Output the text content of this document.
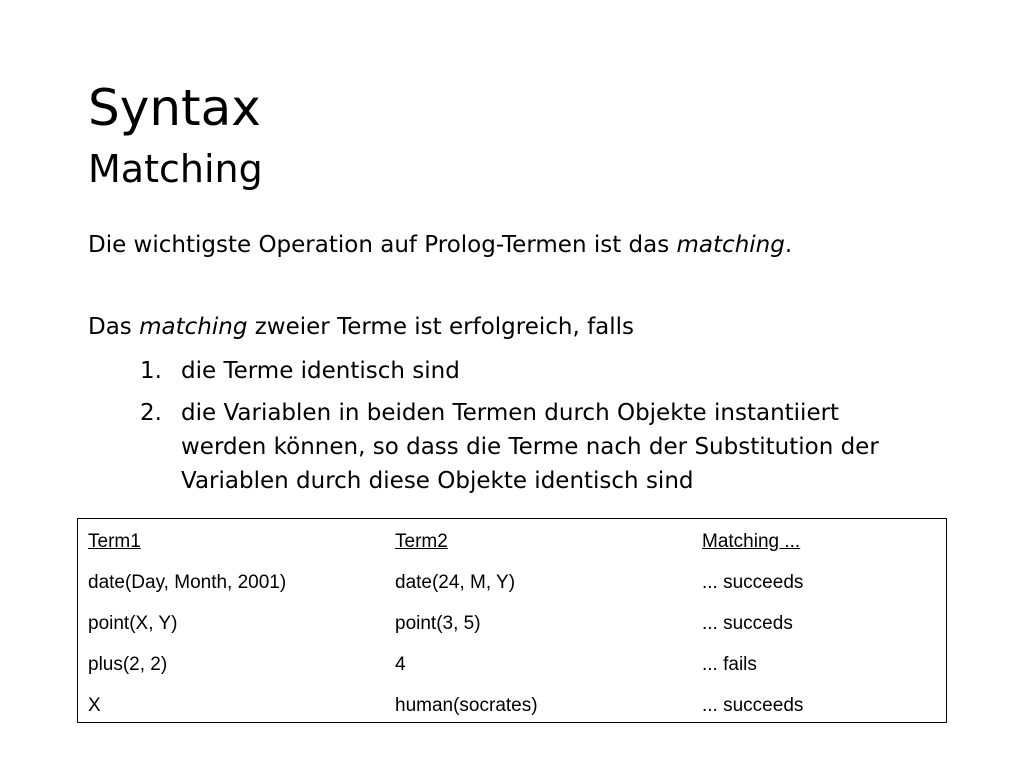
Syntax
Matching

Die wichtigste Operation auf Prolog-Termen ist das matching.

Das matching zweier Terme ist erfolgreich, falls

1. die Terme identisch sind
2. die Variablen in beiden Termen durch Objekte instantiiert werden können, so dass die Terme nach der Substitution der Variablen durch diese Objekte identisch sind
Term1	Term2	Matching ...
date(Day, Month, 2001)	date(24, M, Y)	... succeeds
point(X, Y)	point(3, 5)	... succeds
plus(2, 2)	4	... fails
X	human(socrates)	... succeeds
